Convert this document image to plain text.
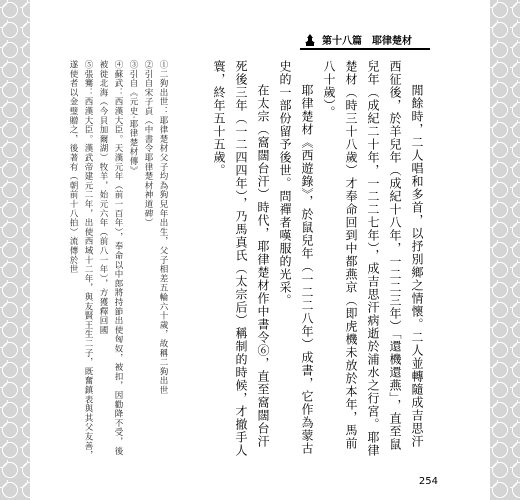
第十八篇　耶律楚材

閒餘時，二人唱和多首，以抒別鄉之情懷。二人並轉隨成吉思汗西征後，於羊兒年（成紀十八年，一二二三年）「還機還燕」，直至鼠兒年（成紀二十年，一二二七年），成吉思汗病逝於浦水之行宮。耶律楚材（時三十八歲）才奉命回到中都燕京（即虎機未放於本年，馬前八十歲）。

耶律楚材《西遊錄》，於鼠兒年（一二二八年）成書，它作為蒙古史的一部份留予後世。問禪者嘆服的光采。

在太宗（窩闊台汗）時代，耶律楚材作中書令⑥，直至窩闊台汗死後三年（一二四四年），乃馬真氏（太宗后）稱制的時候，才撤手人寰，終年五十五歲。

①二狗出世：耶律楚材父子均為狗兒年出生，父子相差五輪六十歲，故稱二狗出世

②引自宋子貞（中書令耶律楚材神道碑）

③引自《元史·耶律楚材傳》

④蘇武：西漢大臣。天漢元年（前一百年），奉命以中郎將持節出使匈奴，被扣，因勸降不受，後被徙北海（今貝加爾湖）牧羊，始元六年（前八一年），方獲釋回國

⑤張騫：西漢大臣。漢武帝建元二年，出使西域十二年，與友賢王生二子，既奮鎮表與其父友善，遂使者以金璧贈之，後著有（朝前十八拍）流傳於世

254
